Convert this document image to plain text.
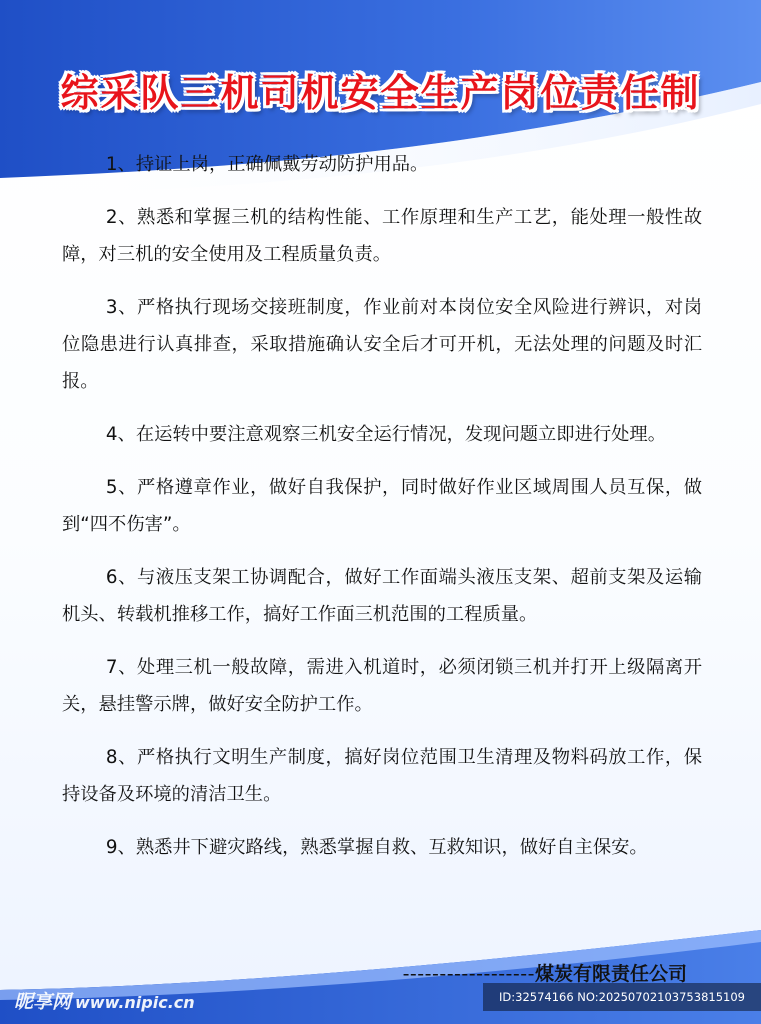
综采队三机司机安全生产岗位责任制

1、持证上岗，正确佩戴劳动防护用品。

2、熟悉和掌握三机的结构性能、工作原理和生产工艺，能处理一般性故障，对三机的安全使用及工程质量负责。

3、严格执行现场交接班制度，作业前对本岗位安全风险进行辨识，对岗位隐患进行认真排查，采取措施确认安全后才可开机，无法处理的问题及时汇报。

4、在运转中要注意观察三机安全运行情况，发现问题立即进行处理。

5、严格遵章作业，做好自我保护，同时做好作业区域周围人员互保，做到“四不伤害”。

6、与液压支架工协调配合，做好工作面端头液压支架、超前支架及运输机头、转载机推移工作，搞好工作面三机范围的工程质量。

7、处理三机一般故障，需进入机道时，必须闭锁三机并打开上级隔离开关，悬挂警示牌，做好安全防护工作。

8、严格执行文明生产制度，搞好岗位范围卫生清理及物料码放工作，保持设备及环境的清洁卫生。

9、熟悉井下避灾路线，熟悉掌握自救、互救知识，做好自主保安。

------------------煤炭有限责任公司
昵享网 www.nipic.cn	ID:32574166 NO:20250702103753815109
